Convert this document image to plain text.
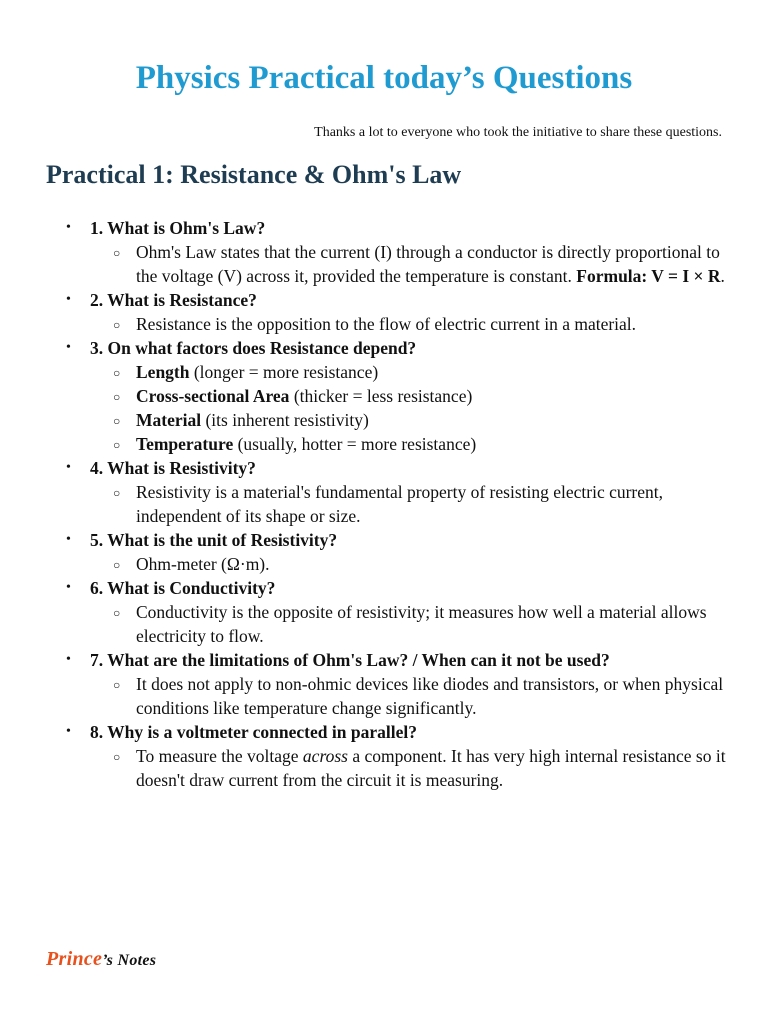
Physics Practical today’s Questions
Thanks a lot to everyone who took the initiative to share these questions.
Practical 1: Resistance & Ohm's Law
• 1. What is Ohm's Law?
○ Ohm's Law states that the current (I) through a conductor is directly proportional to the voltage (V) across it, provided the temperature is constant. Formula: V = I × R.
• 2. What is Resistance?
○ Resistance is the opposition to the flow of electric current in a material.
• 3. On what factors does Resistance depend?
○ Length (longer = more resistance)
○ Cross-sectional Area (thicker = less resistance)
○ Material (its inherent resistivity)
○ Temperature (usually, hotter = more resistance)
• 4. What is Resistivity?
○ Resistivity is a material's fundamental property of resisting electric current, independent of its shape or size.
• 5. What is the unit of Resistivity?
○ Ohm-meter (Ω·m).
• 6. What is Conductivity?
○ Conductivity is the opposite of resistivity; it measures how well a material allows electricity to flow.
• 7. What are the limitations of Ohm's Law? / When can it not be used?
○ It does not apply to non-ohmic devices like diodes and transistors, or when physical conditions like temperature change significantly.
• 8. Why is a voltmeter connected in parallel?
○ To measure the voltage across a component. It has very high internal resistance so it doesn't draw current from the circuit it is measuring.
Prince’s Notes
